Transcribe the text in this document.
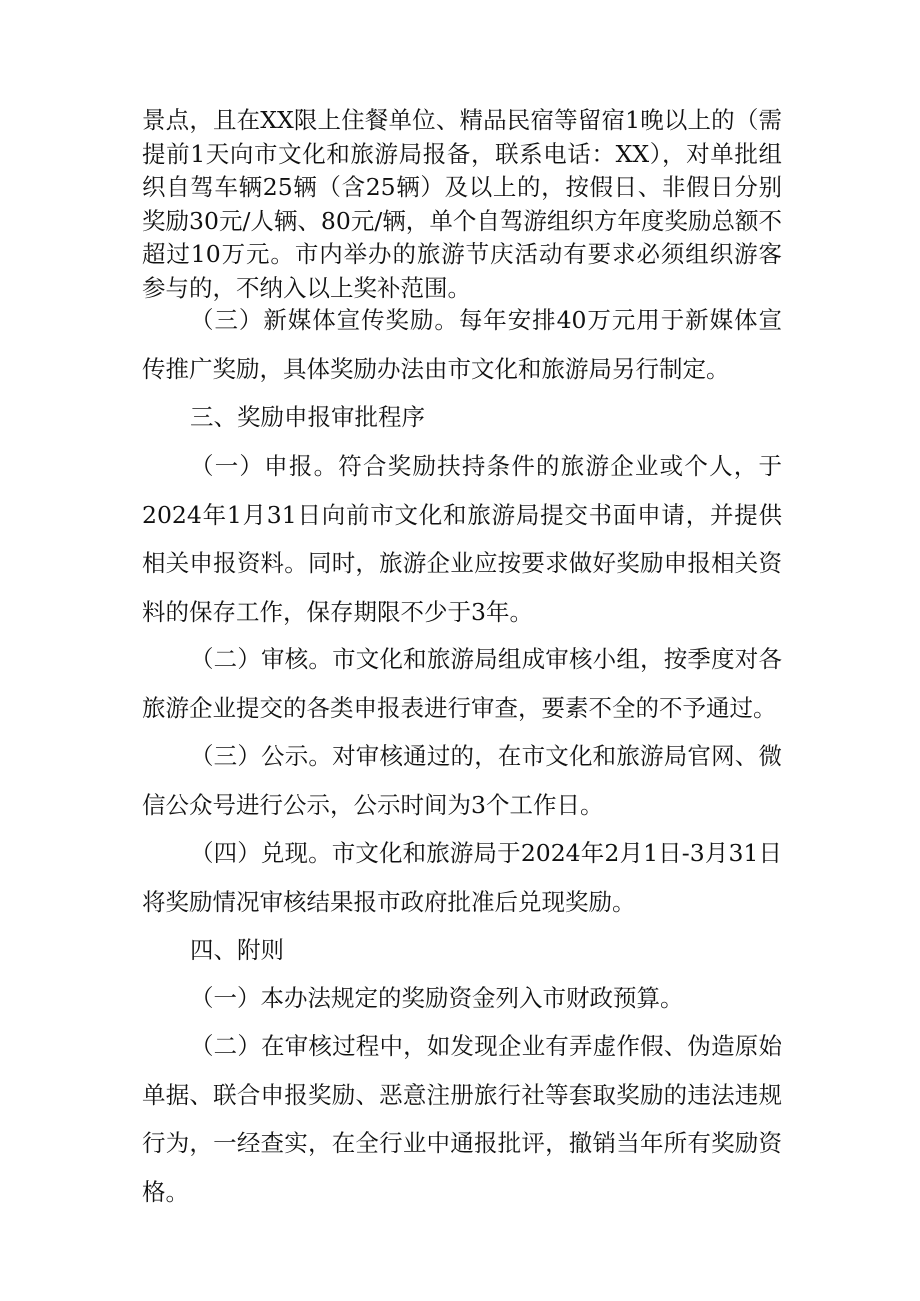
景点，且在XX限上住餐单位、精品民宿等留宿1晚以上的（需提前1天向市文化和旅游局报备，联系电话：XX），对单批组织自驾车辆25辆（含25辆）及以上的，按假日、非假日分别奖励30元/人辆、80元/辆，单个自驾游组织方年度奖励总额不超过10万元。市内举办的旅游节庆活动有要求必须组织游客参与的，不纳入以上奖补范围。

（三）新媒体宣传奖励。每年安排40万元用于新媒体宣传推广奖励，具体奖励办法由市文化和旅游局另行制定。

三、奖励申报审批程序

（一）申报。符合奖励扶持条件的旅游企业或个人，于2024年1月31日向前市文化和旅游局提交书面申请，并提供相关申报资料。同时，旅游企业应按要求做好奖励申报相关资料的保存工作，保存期限不少于3年。

（二）审核。市文化和旅游局组成审核小组，按季度对各旅游企业提交的各类申报表进行审查，要素不全的不予通过。

（三）公示。对审核通过的，在市文化和旅游局官网、微信公众号进行公示，公示时间为3个工作日。

（四）兑现。市文化和旅游局于2024年2月1日-3月31日将奖励情况审核结果报市政府批准后兑现奖励。

四、附则

（一）本办法规定的奖励资金列入市财政预算。

（二）在审核过程中，如发现企业有弄虚作假、伪造原始单据、联合申报奖励、恶意注册旅行社等套取奖励的违法违规行为，一经查实，在全行业中通报批评，撤销当年所有奖励资格。
